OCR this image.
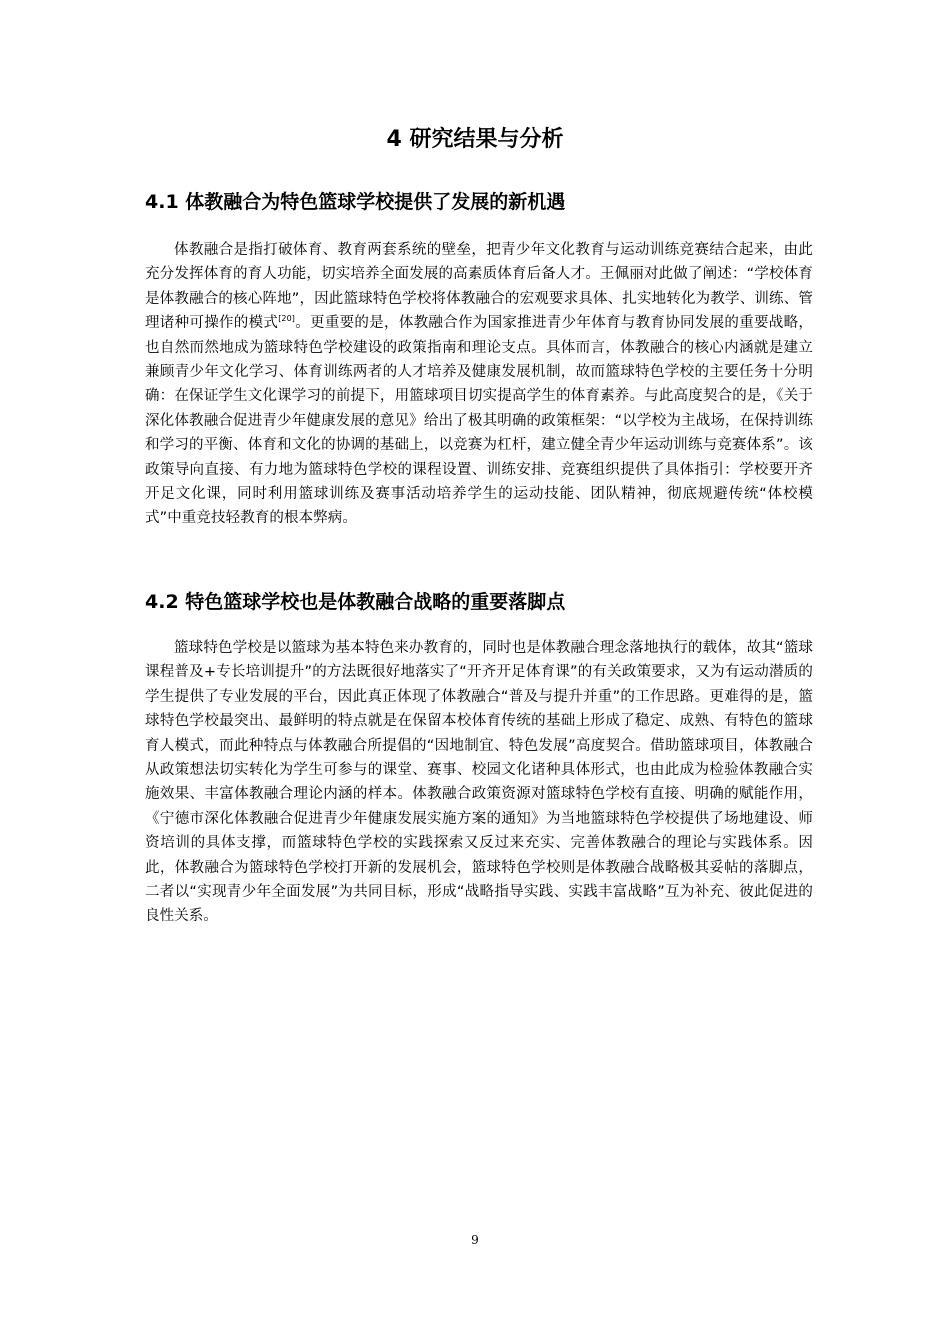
4 研究结果与分析
4.1 体教融合为特色篮球学校提供了发展的新机遇

体教融合是指打破体育、教育两套系统的壁垒，把青少年文化教育与运动训练竞赛结合起来，由此充分发挥体育的育人功能，切实培养全面发展的高素质体育后备人才。王佩丽对此做了阐述：“学校体育是体教融合的核心阵地”，因此篮球特色学校将体教融合的宏观要求具体、扎实地转化为教学、训练、管理诸种可操作的模式[20]。更重要的是，体教融合作为国家推进青少年体育与教育协同发展的重要战略，也自然而然地成为篮球特色学校建设的政策指南和理论支点。具体而言，体教融合的核心内涵就是建立兼顾青少年文化学习、体育训练两者的人才培养及健康发展机制，故而篮球特色学校的主要任务十分明确：在保证学生文化课学习的前提下，用篮球项目切实提高学生的体育素养。与此高度契合的是，《关于深化体教融合促进青少年健康发展的意见》给出了极其明确的政策框架：“以学校为主战场，在保持训练和学习的平衡、体育和文化的协调的基础上，以竞赛为杠杆，建立健全青少年运动训练与竞赛体系”。该政策导向直接、有力地为篮球特色学校的课程设置、训练安排、竞赛组织提供了具体指引：学校要开齐开足文化课，同时利用篮球训练及赛事活动培养学生的运动技能、团队精神，彻底规避传统“体校模式”中重竞技轻教育的根本弊病。

4.2 特色篮球学校也是体教融合战略的重要落脚点

篮球特色学校是以篮球为基本特色来办教育的，同时也是体教融合理念落地执行的载体，故其“篮球课程普及+专长培训提升”的方法既很好地落实了“开齐开足体育课”的有关政策要求，又为有运动潜质的学生提供了专业发展的平台，因此真正体现了体教融合“普及与提升并重”的工作思路。更难得的是，篮球特色学校最突出、最鲜明的特点就是在保留本校体育传统的基础上形成了稳定、成熟、有特色的篮球育人模式，而此种特点与体教融合所提倡的“因地制宜、特色发展”高度契合。借助篮球项目，体教融合从政策想法切实转化为学生可参与的课堂、赛事、校园文化诸种具体形式，也由此成为检验体教融合实施效果、丰富体教融合理论内涵的样本。体教融合政策资源对篮球特色学校有直接、明确的赋能作用，《宁德市深化体教融合促进青少年健康发展实施方案的通知》为当地篮球特色学校提供了场地建设、师资培训的具体支撑，而篮球特色学校的实践探索又反过来充实、完善体教融合的理论与实践体系。因此，体教融合为篮球特色学校打开新的发展机会，篮球特色学校则是体教融合战略极其妥帖的落脚点，二者以“实现青少年全面发展”为共同目标，形成“战略指导实践、实践丰富战略”互为补充、彼此促进的良性关系。

9
